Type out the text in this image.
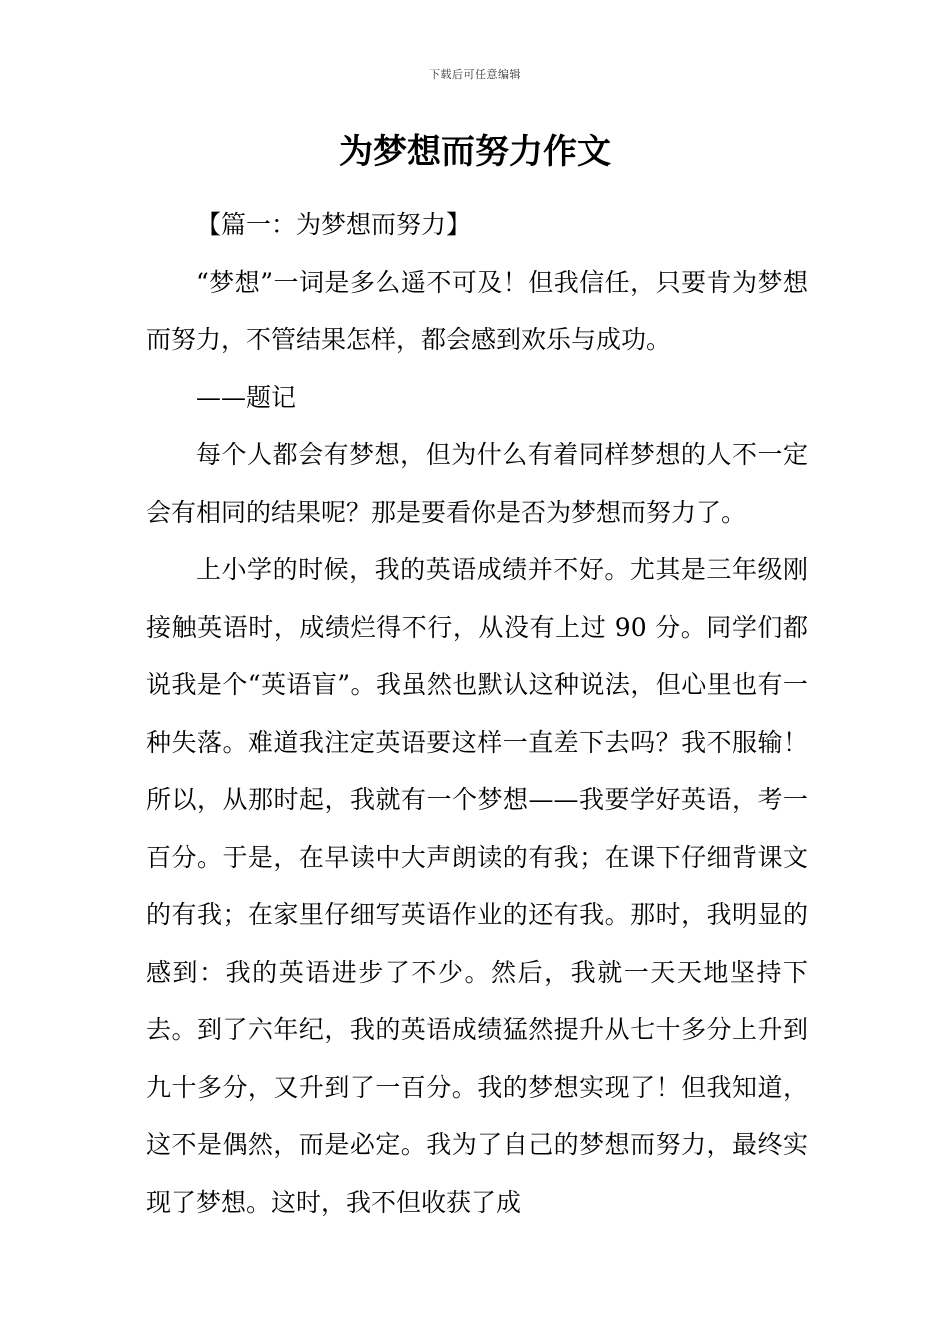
下载后可任意编辑
为梦想而努力作文

【篇一：为梦想而努力】

“梦想”一词是多么遥不可及！但我信任，只要肯为梦想而努力，不管结果怎样，都会感到欢乐与成功。

——题记

每个人都会有梦想，但为什么有着同样梦想的人不一定会有相同的结果呢？那是要看你是否为梦想而努力了。

上小学的时候，我的英语成绩并不好。尤其是三年级刚接触英语时，成绩烂得不行，从没有上过 90 分。同学们都说我是个“英语盲”。我虽然也默认这种说法，但心里也有一种失落。难道我注定英语要这样一直差下去吗？我不服输！所以，从那时起，我就有一个梦想——我要学好英语，考一百分。于是，在早读中大声朗读的有我；在课下仔细背课文的有我；在家里仔细写英语作业的还有我。那时，我明显的感到：我的英语进步了不少。然后，我就一天天地坚持下去。到了六年纪，我的英语成绩猛然提升从七十多分上升到九十多分，又升到了一百分。我的梦想实现了！但我知道，这不是偶然，而是必定。我为了自己的梦想而努力，最终实现了梦想。这时，我不但收获了成
